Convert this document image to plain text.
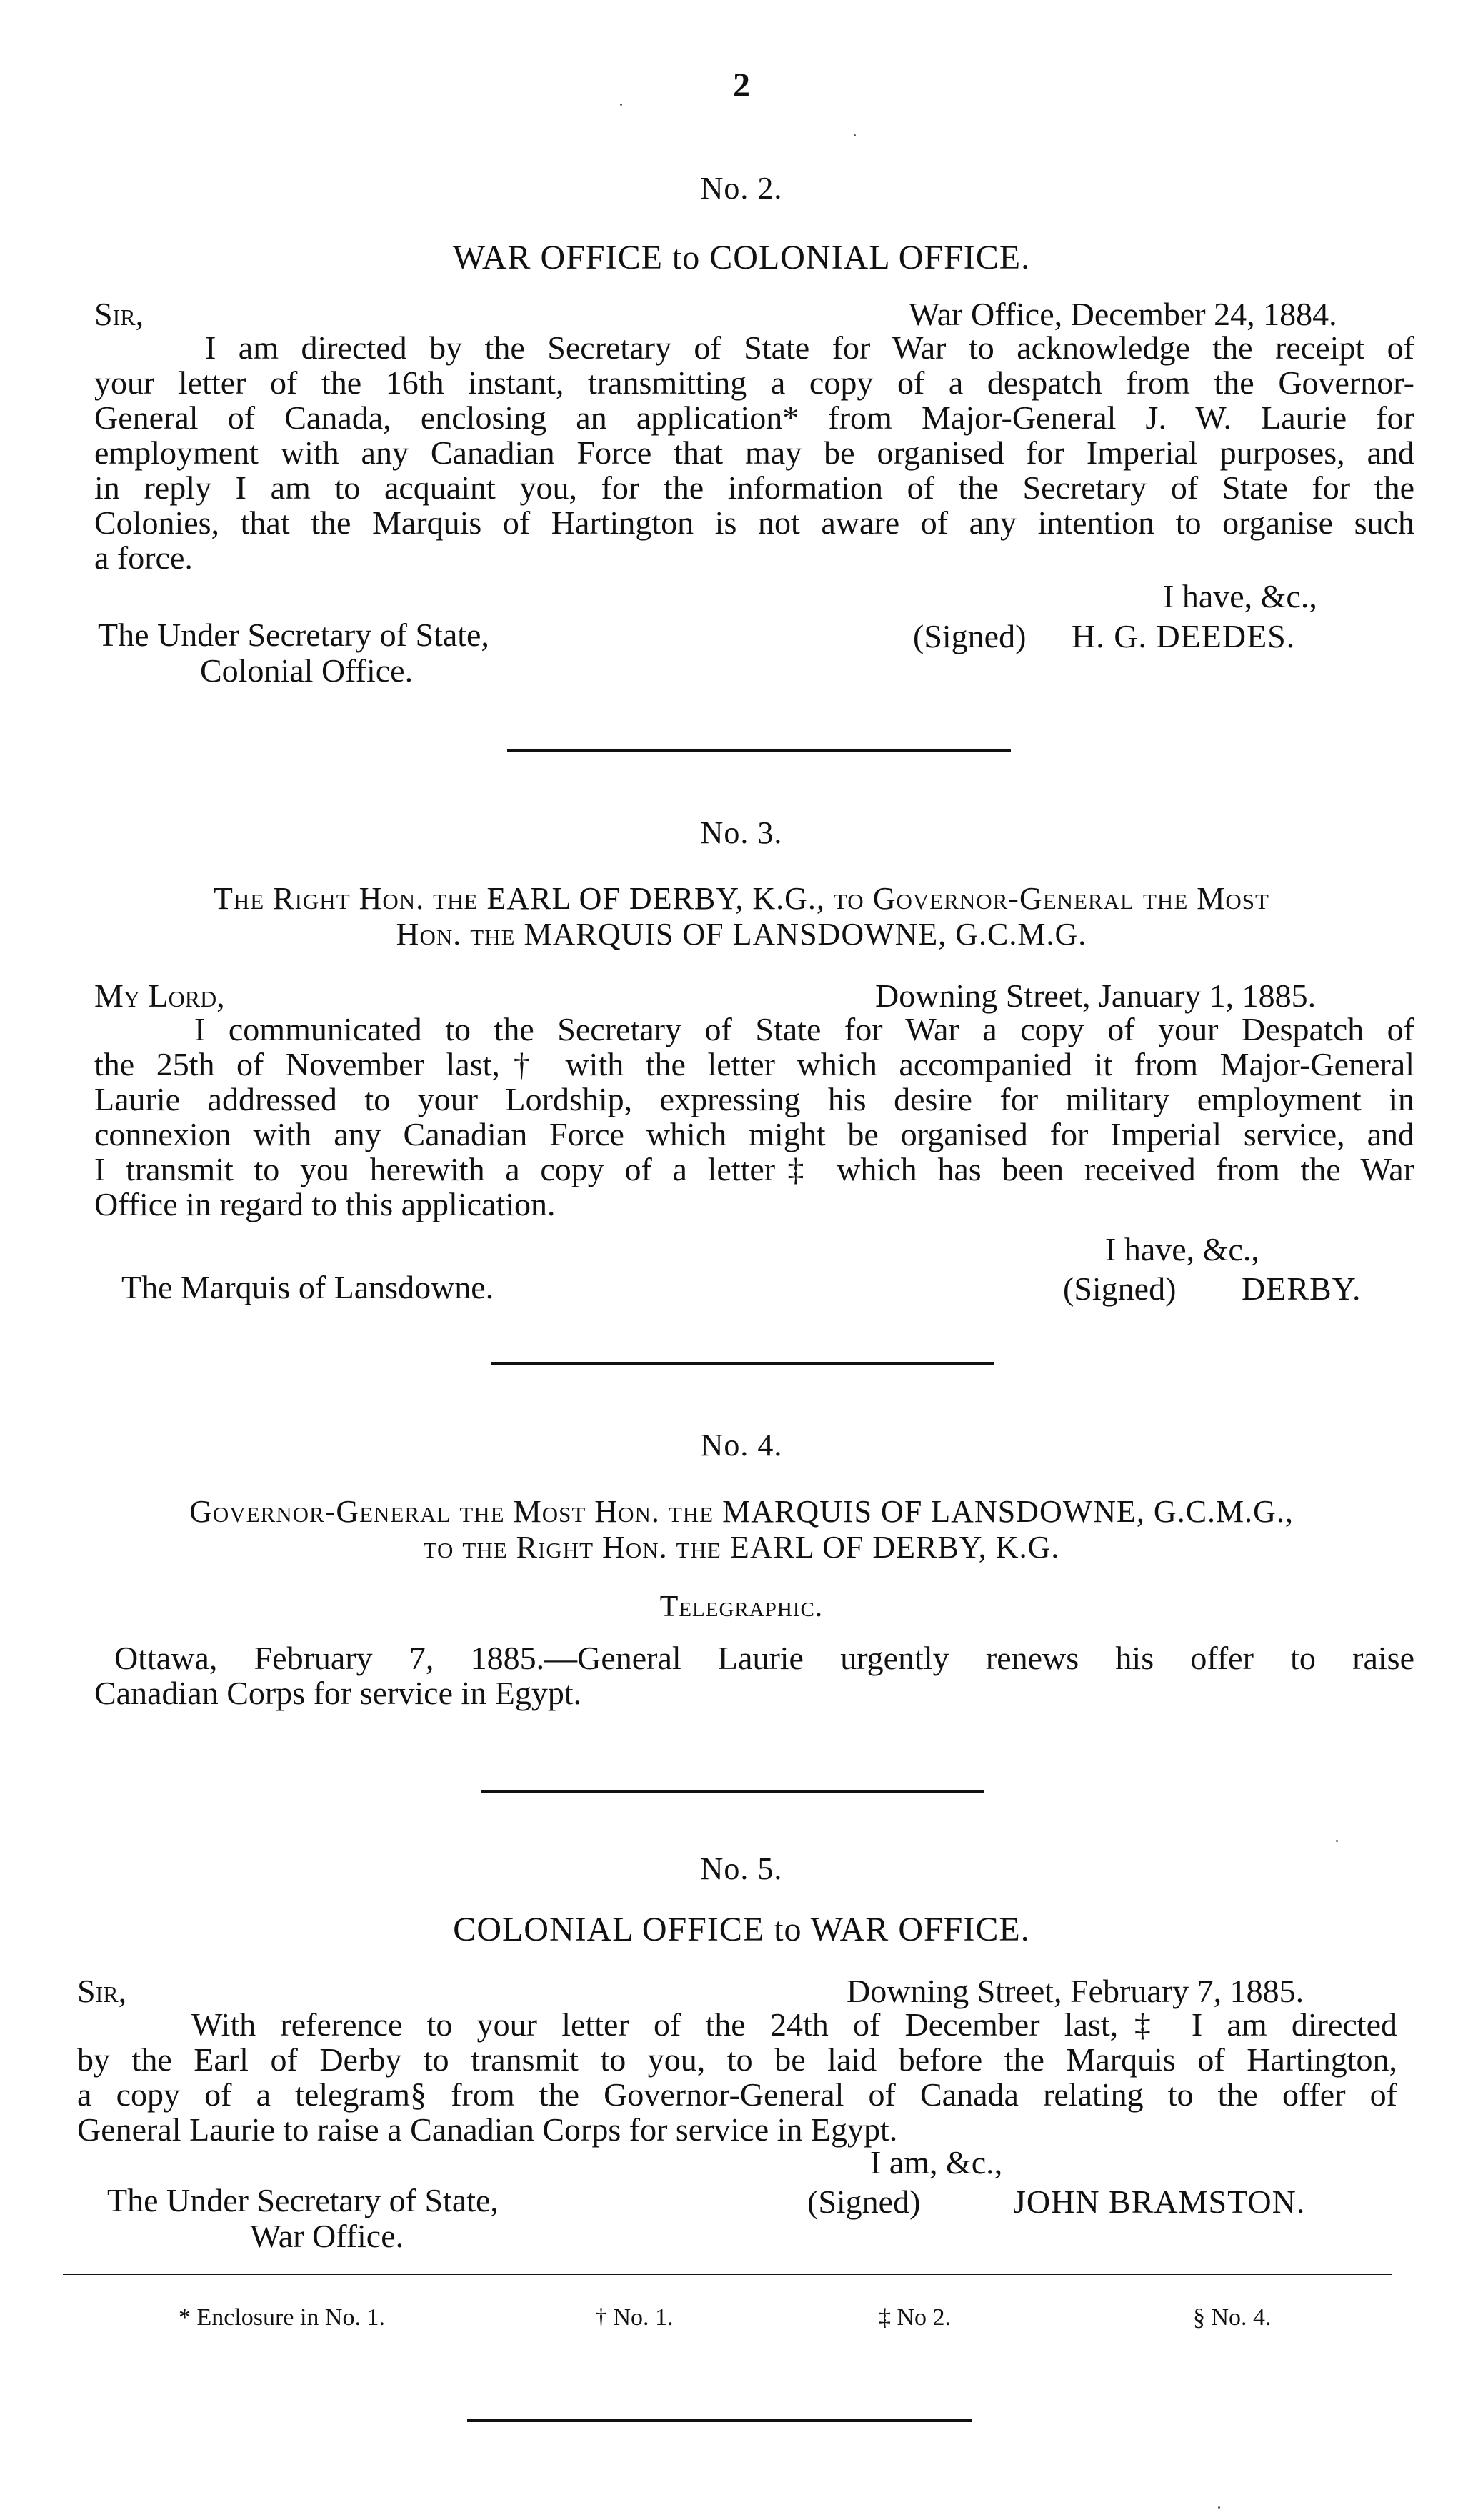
2
No. 2.
WAR OFFICE to COLONIAL OFFICE.
Sir,	War Office, December 24, 1884.
I am directed by the Secretary of State for War to acknowledge the receipt of
your letter of the 16th instant, transmitting a copy of a despatch from the Governor-
General of Canada, enclosing an application* from Major-General J. W. Laurie for
employment with any Canadian Force that may be organised for Imperial purposes, and
in reply I am to acquaint you, for the information of the Secretary of State for the
Colonies, that the Marquis of Hartington is not aware of any intention to organise such
a force.
I have, &c.,
The Under Secretary of State,
Colonial Office.
(Signed) H. G. DEEDES.
No. 3.
The Right Hon. the EARL OF DERBY, K.G., to Governor-General the Most
Hon. the MARQUIS OF LANSDOWNE, G.C.M.G.
My Lord,	Downing Street, January 1, 1885.
I communicated to the Secretary of State for War a copy of your Despatch of
the 25th of November last,† with the letter which accompanied it from Major-General
Laurie addressed to your Lordship, expressing his desire for military employment in
connexion with any Canadian Force which might be organised for Imperial service, and
I transmit to you herewith a copy of a letter‡ which has been received from the War
Office in regard to this application.
I have, &c.,
The Marquis of Lansdowne.	(Signed) DERBY.
No. 4.
Governor-General the Most Hon. the MARQUIS OF LANSDOWNE, G.C.M.G.,
to the Right Hon. the EARL OF DERBY, K.G.
Telegraphic.
Ottawa, February 7, 1885.—General Laurie urgently renews his offer to raise
Canadian Corps for service in Egypt.
No. 5.
COLONIAL OFFICE to WAR OFFICE.
Sir,	Downing Street, February 7, 1885.
With reference to your letter of the 24th of December last,‡ I am directed
by the Earl of Derby to transmit to you, to be laid before the Marquis of Hartington,
a copy of a telegram§ from the Governor-General of Canada relating to the offer of
General Laurie to raise a Canadian Corps for service in Egypt.
I am, &c.,
The Under Secretary of State,
War Office.
(Signed)	JOHN BRAMSTON.
* Enclosure in No. 1.	† No. 1.	‡ No 2.	§ No. 4.
